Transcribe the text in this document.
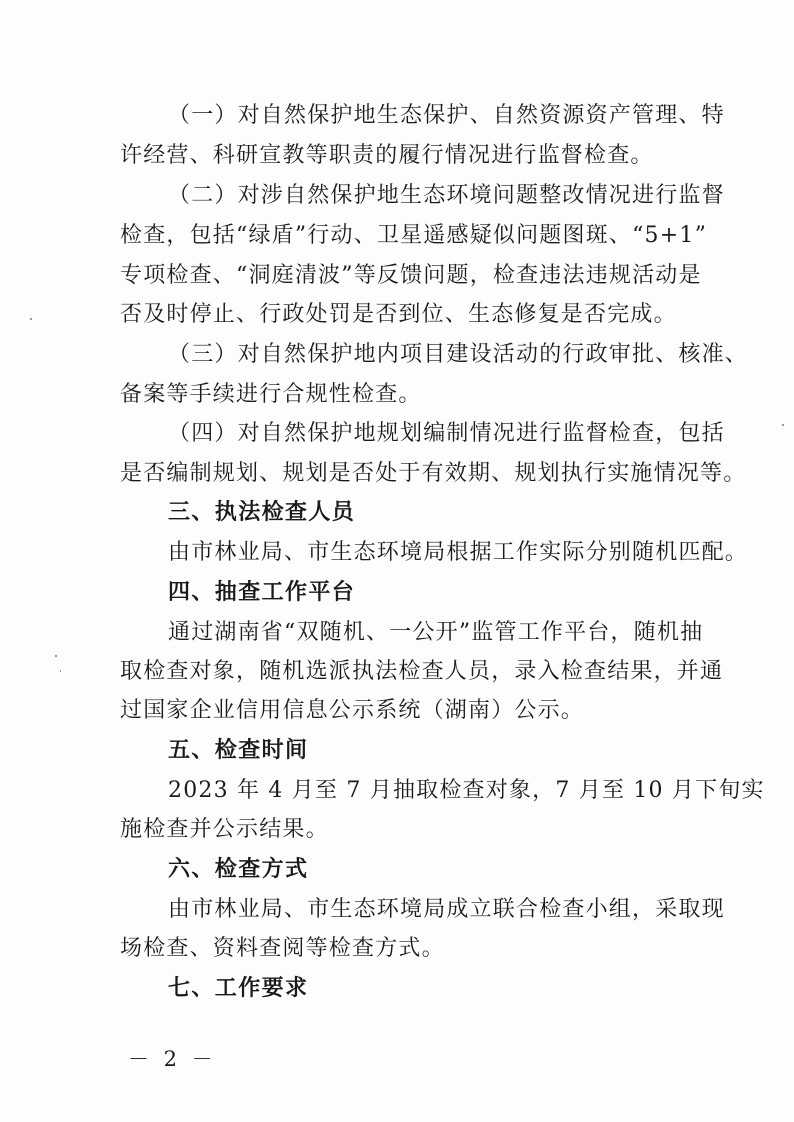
（一）对自然保护地生态保护、自然资源资产管理、特
许经营、科研宣教等职责的履行情况进行监督检查。
（二）对涉自然保护地生态环境问题整改情况进行监督
检查，包括“绿盾”行动、卫星遥感疑似问题图斑、“5+1”
专项检查、“洞庭清波”等反馈问题，检查违法违规活动是
否及时停止、行政处罚是否到位、生态修复是否完成。
（三）对自然保护地内项目建设活动的行政审批、核准、
备案等手续进行合规性检查。
（四）对自然保护地规划编制情况进行监督检查，包括
是否编制规划、规划是否处于有效期、规划执行实施情况等。
三、执法检查人员
由市林业局、市生态环境局根据工作实际分别随机匹配。
四、抽查工作平台
通过湖南省“双随机、一公开”监管工作平台，随机抽
取检查对象，随机选派执法检查人员，录入检查结果，并通
过国家企业信用信息公示系统（湖南）公示。
五、检查时间
2023 年 4 月至 7 月抽取检查对象，7 月至 10 月下旬实
施检查并公示结果。
六、检查方式
由市林业局、市生态环境局成立联合检查小组，采取现
场检查、资料查阅等检查方式。
七、工作要求
－ 2 －
